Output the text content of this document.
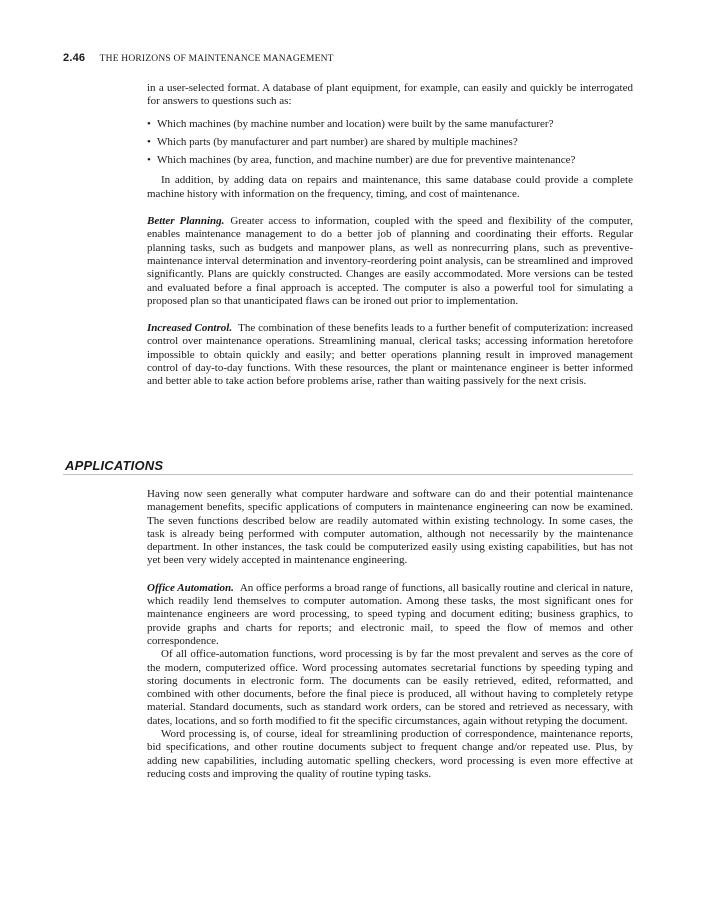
2.46 THE HORIZONS OF MAINTENANCE MANAGEMENT

in a user-selected format. A database of plant equipment, for example, can easily and quickly be interrogated for answers to questions such as:

• Which machines (by machine number and location) were built by the same manufacturer?
• Which parts (by manufacturer and part number) are shared by multiple machines?
• Which machines (by area, function, and machine number) are due for preventive maintenance?

In addition, by adding data on repairs and maintenance, this same database could provide a complete machine history with information on the frequency, timing, and cost of maintenance.

Better Planning. Greater access to information, coupled with the speed and flexibility of the computer, enables maintenance management to do a better job of planning and coordinating their efforts. Regular planning tasks, such as budgets and manpower plans, as well as nonrecurring plans, such as preventive-maintenance interval determination and inventory-reordering point analysis, can be streamlined and improved significantly. Plans are quickly constructed. Changes are easily accommodated. More versions can be tested and evaluated before a final approach is accepted. The computer is also a powerful tool for simulating a proposed plan so that unanticipated flaws can be ironed out prior to implementation.

Increased Control. The combination of these benefits leads to a further benefit of computerization: increased control over maintenance operations. Streamlining manual, clerical tasks; accessing information heretofore impossible to obtain quickly and easily; and better operations planning result in improved management control of day-to-day functions. With these resources, the plant or maintenance engineer is better informed and better able to take action before problems arise, rather than waiting passively for the next crisis.

APPLICATIONS

Having now seen generally what computer hardware and software can do and their potential maintenance management benefits, specific applications of computers in maintenance engineering can now be examined. The seven functions described below are readily automated within existing technology. In some cases, the task is already being performed with computer automation, although not necessarily by the maintenance department. In other instances, the task could be computerized easily using existing capabilities, but has not yet been very widely accepted in maintenance engineering.

Office Automation. An office performs a broad range of functions, all basically routine and clerical in nature, which readily lend themselves to computer automation. Among these tasks, the most significant ones for maintenance engineers are word processing, to speed typing and document editing; business graphics, to provide graphs and charts for reports; and electronic mail, to speed the flow of memos and other correspondence.

Of all office-automation functions, word processing is by far the most prevalent and serves as the core of the modern, computerized office. Word processing automates secretarial functions by speeding typing and storing documents in electronic form. The documents can be easily retrieved, edited, reformatted, and combined with other documents, before the final piece is produced, all without having to completely retype material. Standard documents, such as standard work orders, can be stored and retrieved as necessary, with dates, locations, and so forth modified to fit the specific circumstances, again without retyping the document.

Word processing is, of course, ideal for streamlining production of correspondence, maintenance reports, bid specifications, and other routine documents subject to frequent change and/or repeated use. Plus, by adding new capabilities, including automatic spelling checkers, word processing is even more effective at reducing costs and improving the quality of routine typing tasks.
